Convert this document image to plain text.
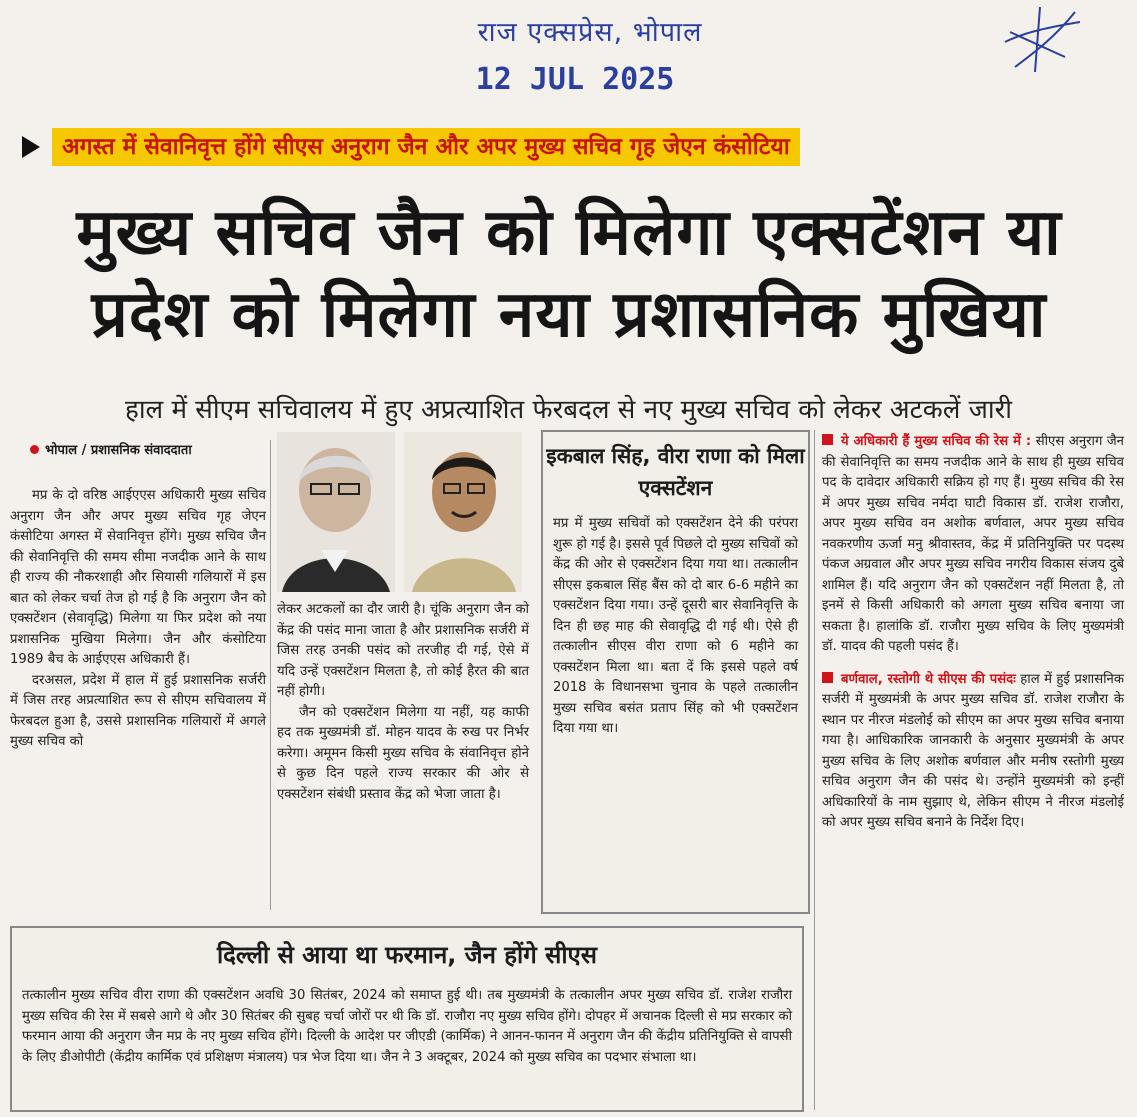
राज एक्सप्रेस, भोपाल
12 JUL 2025
अगस्त में सेवानिवृत्त होंगे सीएस अनुराग जैन और अपर मुख्य सचिव गृह जेएन कंसोटिया
मुख्य सचिव जैन को मिलेगा एक्सटेंशन या
प्रदेश को मिलेगा नया प्रशासनिक मुखिया
हाल में सीएम सचिवालय में हुए अप्रत्याशित फेरबदल से नए मुख्य सचिव को लेकर अटकलें जारी
भोपाल / प्रशासनिक संवाददाता
मप्र के दो वरिष्ठ आईएएस अधिकारी मुख्य सचिव अनुराग जैन और अपर मुख्य सचिव गृह जेएन कंसोटिया अगस्त में सेवानिवृत्त होंगे। मुख्य सचिव जैन की सेवानिवृत्ति की समय सीमा नजदीक आने के साथ ही राज्य की नौकरशाही और सियासी गलियारों में इस बात को लेकर चर्चा तेज हो गई है कि अनुराग जैन को एक्सटेंशन (सेवावृद्धि) मिलेगा या फिर प्रदेश को नया प्रशासनिक मुखिया मिलेगा। जैन और कंसोटिया 1989 बैच के आईएएस अधिकारी हैं।
दरअसल, प्रदेश में हाल में हुई प्रशासनिक सर्जरी में जिस तरह अप्रत्याशित रूप से सीएम सचिवालय में फेरबदल हुआ है, उससे प्रशासनिक गलियारों में अगले मुख्य सचिव को
लेकर अटकलों का दौर जारी है। चूंकि अनुराग जैन को केंद्र की पसंद माना जाता है और प्रशासनिक सर्जरी में जिस तरह उनकी पसंद को तरजीह दी गई, ऐसे में यदि उन्हें एक्सटेंशन मिलता है, तो कोई हैरत की बात नहीं होगी।
जैन को एक्सटेंशन मिलेगा या नहीं, यह काफी हद तक मुख्यमंत्री डॉ. मोहन यादव के रुख पर निर्भर करेगा। अमूमन किसी मुख्य सचिव के संवानिवृत्त होने से कुछ दिन पहले राज्य सरकार की ओर से एक्सटेंशन संबंधी प्रस्ताव केंद्र को भेजा जाता है।
इकबाल सिंह, वीरा राणा को मिला एक्सटेंशन
मप्र में मुख्य सचिवों को एक्सटेंशन देने की परंपरा शुरू हो गई है। इससे पूर्व पिछले दो मुख्य सचिवों को केंद्र की ओर से एक्सटेंशन दिया गया था। तत्कालीन सीएस इकबाल सिंह बैंस को दो बार 6-6 महीने का एक्सटेंशन दिया गया। उन्हें दूसरी बार सेवानिवृत्ति के दिन ही छह माह की सेवावृद्धि दी गई थी। ऐसे ही तत्कालीन सीएस वीरा राणा को 6 महीने का एक्सटेंशन मिला था। बता दें कि इससे पहले वर्ष 2018 के विधानसभा चुनाव के पहले तत्कालीन मुख्य सचिव बसंत प्रताप सिंह को भी एक्सटेंशन दिया गया था।
ये अधिकारी हैं मुख्य सचिव की रेस में : सीएस अनुराग जैन की सेवानिवृत्ति का समय नजदीक आने के साथ ही मुख्य सचिव पद के दावेदार अधिकारी सक्रिय हो गए हैं। मुख्य सचिव की रेस में अपर मुख्य सचिव नर्मदा घाटी विकास डॉ. राजेश राजौरा, अपर मुख्य सचिव वन अशोक बर्णवाल, अपर मुख्य सचिव नवकरणीय ऊर्जा मनु श्रीवास्तव, केंद्र में प्रतिनियुक्ति पर पदस्थ पंकज अग्रवाल और अपर मुख्य सचिव नगरीय विकास संजय दुबे शामिल हैं। यदि अनुराग जैन को एक्सटेंशन नहीं मिलता है, तो इनमें से किसी अधिकारी को अगला मुख्य सचिव बनाया जा सकता है। हालांकि डॉ. राजौरा मुख्य सचिव के लिए मुख्यमंत्री डॉ. यादव की पहली पसंद हैं।
बर्णवाल, रस्तोगी थे सीएस की पसंदः हाल में हुई प्रशासनिक सर्जरी में मुख्यमंत्री के अपर मुख्य सचिव डॉ. राजेश राजौरा के स्थान पर नीरज मंडलोई को सीएम का अपर मुख्य सचिव बनाया गया है। आधिकारिक जानकारी के अनुसार मुख्यमंत्री के अपर मुख्य सचिव के लिए अशोक बर्णवाल और मनीष रस्तोगी मुख्य सचिव अनुराग जैन की पसंद थे। उन्होंने मुख्यमंत्री को इन्हीं अधिकारियों के नाम सुझाए थे, लेकिन सीएम ने नीरज मंडलोई को अपर मुख्य सचिव बनाने के निर्देश दिए।
दिल्ली से आया था फरमान, जैन होंगे सीएस
तत्कालीन मुख्य सचिव वीरा राणा की एक्सटेंशन अवधि 30 सितंबर, 2024 को समाप्त हुई थी। तब मुख्यमंत्री के तत्कालीन अपर मुख्य सचिव डॉ. राजेश राजौरा मुख्य सचिव की रेस में सबसे आगे थे और 30 सितंबर की सुबह चर्चा जोरों पर थी कि डॉ. राजौरा नए मुख्य सचिव होंगे। दोपहर में अचानक दिल्ली से मप्र सरकार को फरमान आया की अनुराग जैन मप्र के नए मुख्य सचिव होंगे। दिल्ली के आदेश पर जीएडी (कार्मिक) ने आनन-फानन में अनुराग जैन की केंद्रीय प्रतिनियुक्ति से वापसी के लिए डीओपीटी (केंद्रीय कार्मिक एवं प्रशिक्षण मंत्रालय) पत्र भेज दिया था। जैन ने 3 अक्टूबर, 2024 को मुख्य सचिव का पदभार संभाला था।
